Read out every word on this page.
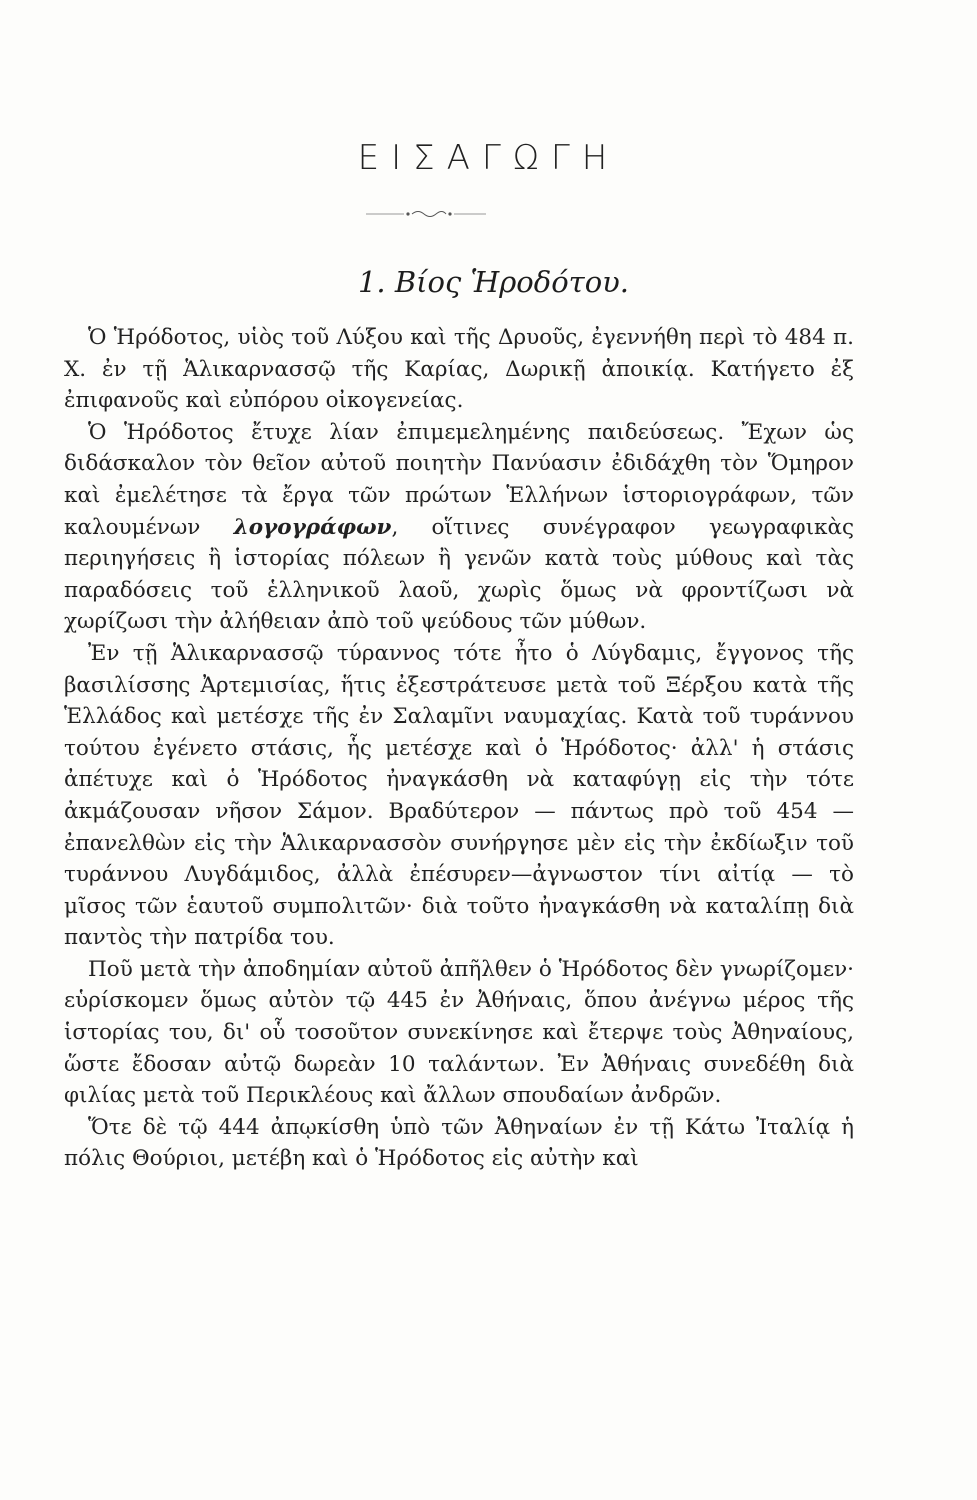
ΕΙΣΑΓΩΓΗ
1. Βίος Ἡροδότου.

Ὁ Ἡρόδοτος, υἱὸς τοῦ Λύξου καὶ τῆς Δρυοῦς, ἐγεννήθη περὶ τὸ 484 π. Χ. ἐν τῇ Ἁλικαρνασσῷ τῆς Καρίας, Δωρικῇ ἀποικίᾳ. Κατήγετο ἐξ ἐπιφανοῦς καὶ εὐπόρου οἰκογενείας.

Ὁ Ἡρόδοτος ἔτυχε λίαν ἐπιμεμελημένης παιδεύσεως. Ἔχων ὡς διδάσκαλον τὸν θεῖον αὐτοῦ ποιητὴν Πανύασιν ἐδιδάχθη τὸν Ὅμηρον καὶ ἐμελέτησε τὰ ἔργα τῶν πρώτων Ἑλλήνων ἱστοριογράφων, τῶν καλουμένων λογογράφων, οἵτινες συνέγραφον γεωγραφικὰς περιηγήσεις ἢ ἱστορίας πόλεων ἢ γενῶν κατὰ τοὺς μύθους καὶ τὰς παραδόσεις τοῦ ἑλληνικοῦ λαοῦ, χωρὶς ὅμως νὰ φροντίζωσι νὰ χωρίζωσι τὴν ἀλήθειαν ἀπὸ τοῦ ψεύδους τῶν μύθων.

Ἐν τῇ Ἁλικαρνασσῷ τύραννος τότε ἦτο ὁ Λύγδαμις, ἔγγονος τῆς βασιλίσσης Ἀρτεμισίας, ἥτις ἐξεστράτευσε μετὰ τοῦ Ξέρξου κατὰ τῆς Ἑλλάδος καὶ μετέσχε τῆς ἐν Σαλαμῖνι ναυμαχίας. Κατὰ τοῦ τυράννου τούτου ἐγένετο στάσις, ἧς μετέσχε καὶ ὁ Ἡρόδοτος· ἀλλ' ἡ στάσις ἀπέτυχε καὶ ὁ Ἡρόδοτος ἠναγκάσθη νὰ καταφύγῃ εἰς τὴν τότε ἀκμάζουσαν νῆσον Σάμον. Βραδύτερον — πάντως πρὸ τοῦ 454 — ἐπανελθὼν εἰς τὴν Ἁλικαρνασσὸν συνήργησε μὲν εἰς τὴν ἐκδίωξιν τοῦ τυράννου Λυγδάμιδος, ἀλλὰ ἐπέσυρεν—ἀγνωστον τίνι αἰτίᾳ — τὸ μῖσος τῶν ἑαυτοῦ συμπολιτῶν· διὰ τοῦτο ἠναγκάσθη νὰ καταλίπῃ διὰ παντὸς τὴν πατρίδα του.

Ποῦ μετὰ τὴν ἀποδημίαν αὐτοῦ ἀπῆλθεν ὁ Ἡρόδοτος δὲν γνωρίζομεν· εὑρίσκομεν ὅμως αὐτὸν τῷ 445 ἐν Ἀθήναις, ὅπου ἀνέγνω μέρος τῆς ἱστορίας του, δι' οὗ τοσοῦτον συνεκίνησε καὶ ἔτερψε τοὺς Ἀθηναίους, ὥστε ἔδοσαν αὐτῷ δωρεὰν 10 ταλάντων. Ἐν Ἀθήναις συνεδέθη διὰ φιλίας μετὰ τοῦ Περικλέους καὶ ἄλλων σπουδαίων ἀνδρῶν.

Ὅτε δὲ τῷ 444 ἀπῳκίσθη ὑπὸ τῶν Ἀθηναίων ἐν τῇ Κάτω Ἰταλίᾳ ἡ πόλις Θούριοι, μετέβη καὶ ὁ Ἡρόδοτος εἰς αὐτὴν καὶ
